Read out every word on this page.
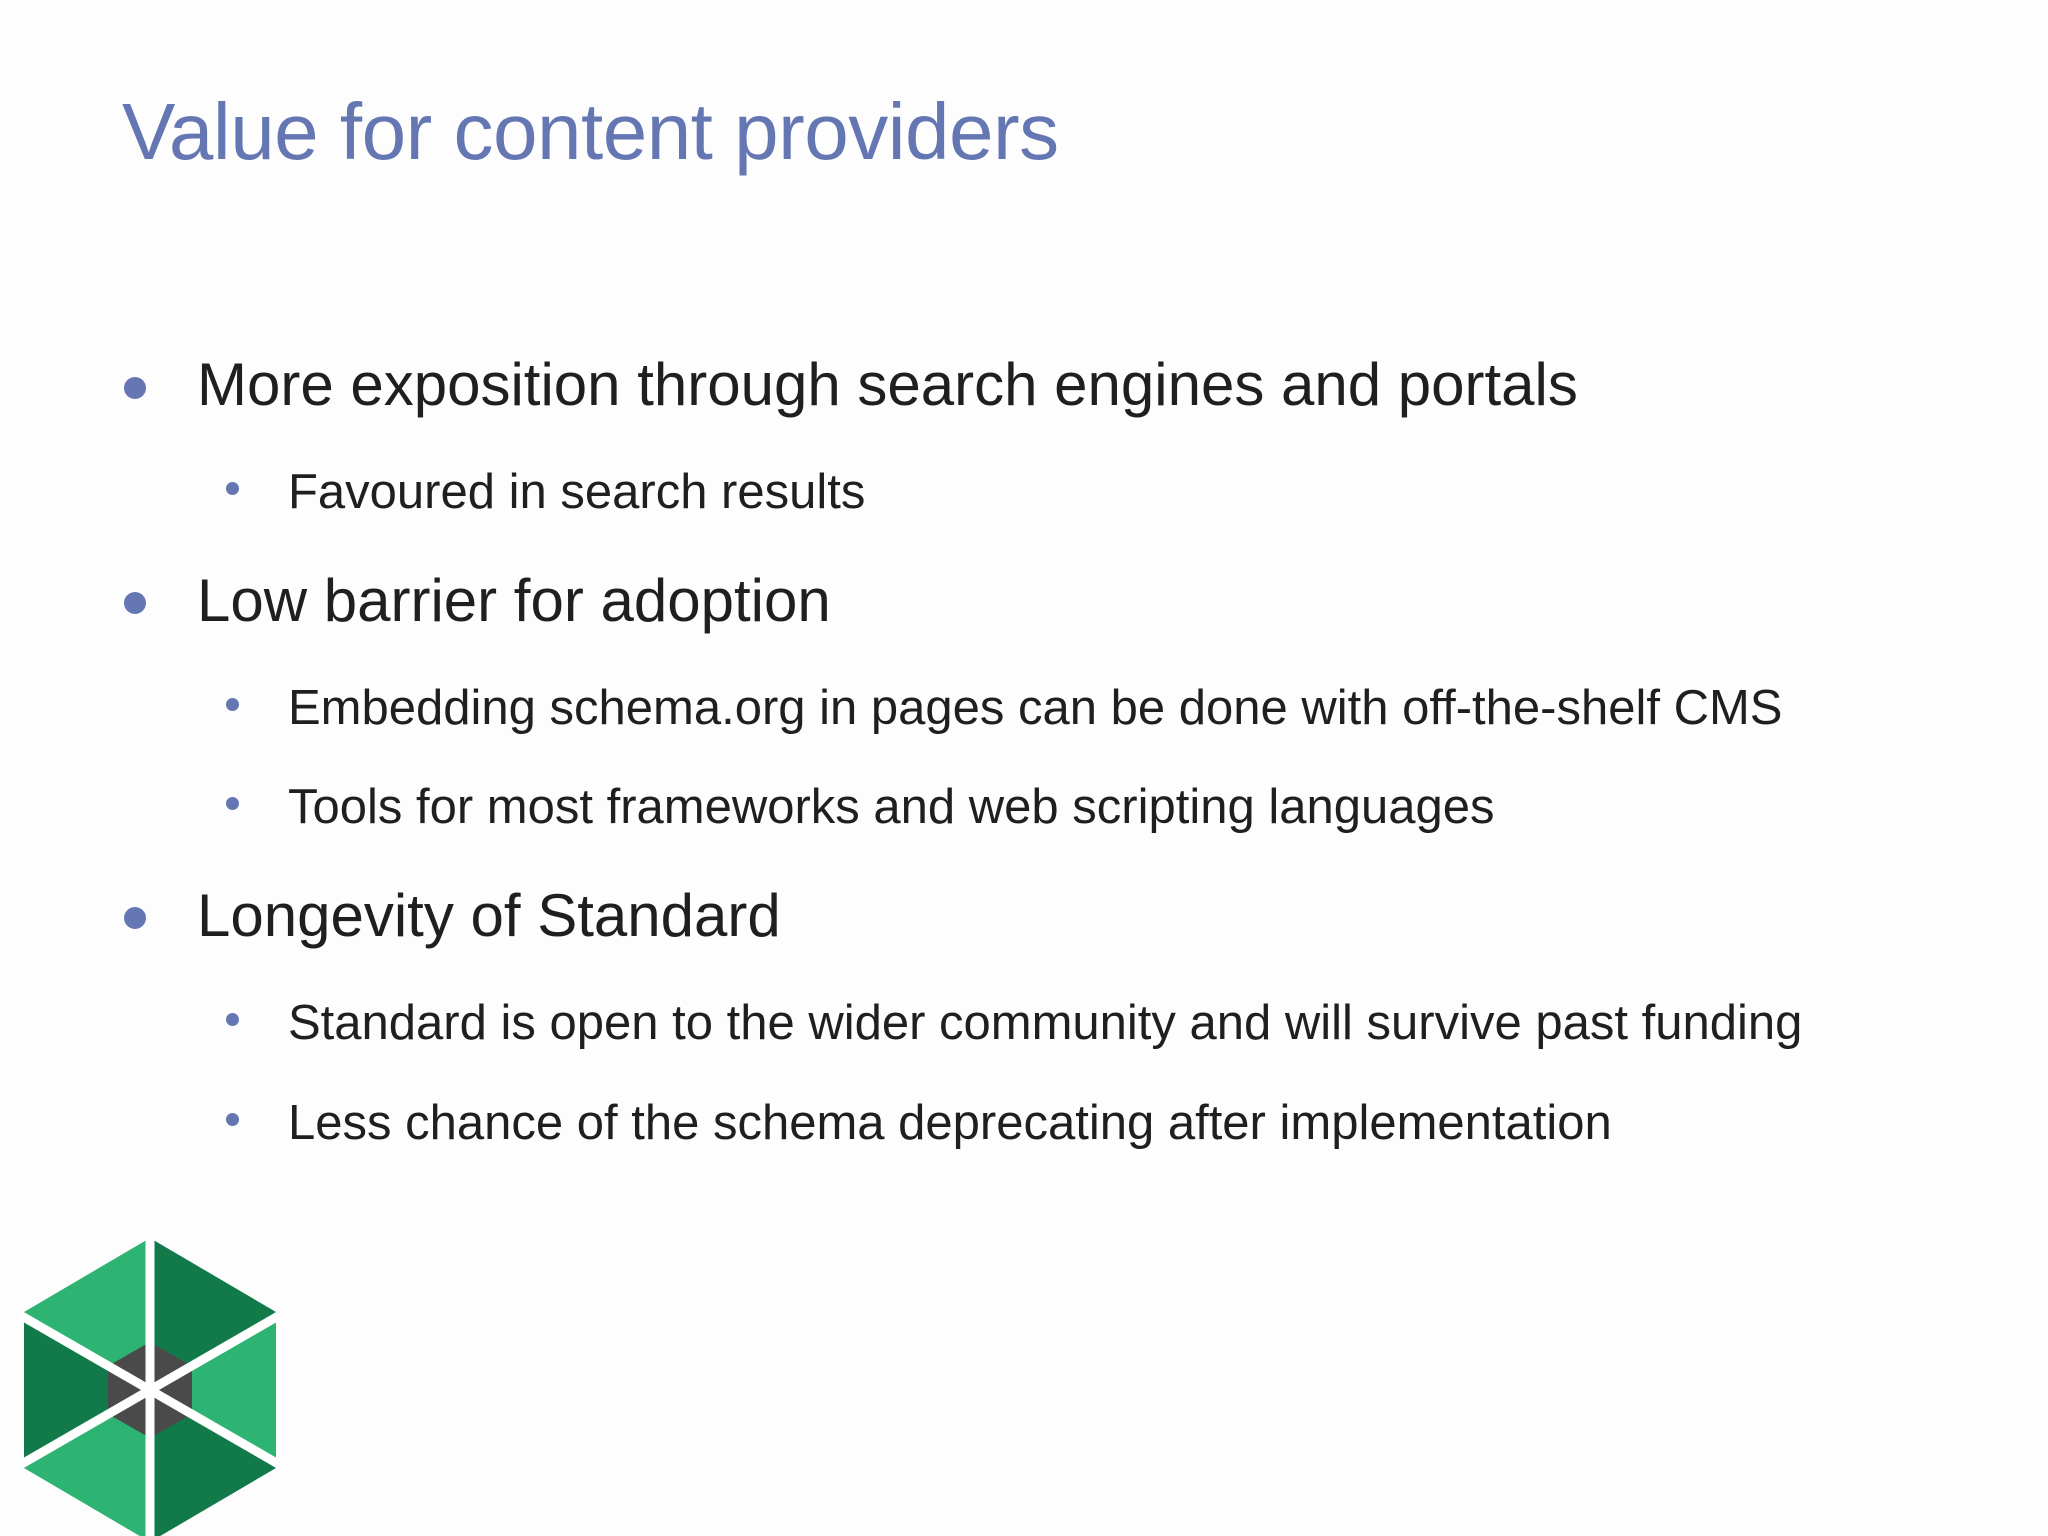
Value for content providers
More exposition through search engines and portals
Favoured in search results
Low barrier for adoption
Embedding schema.org in pages can be done with off-the-shelf CMS
Tools for most frameworks and web scripting languages
Longevity of Standard
Standard is open to the wider community and will survive past funding
Less chance of the schema deprecating after implementation
